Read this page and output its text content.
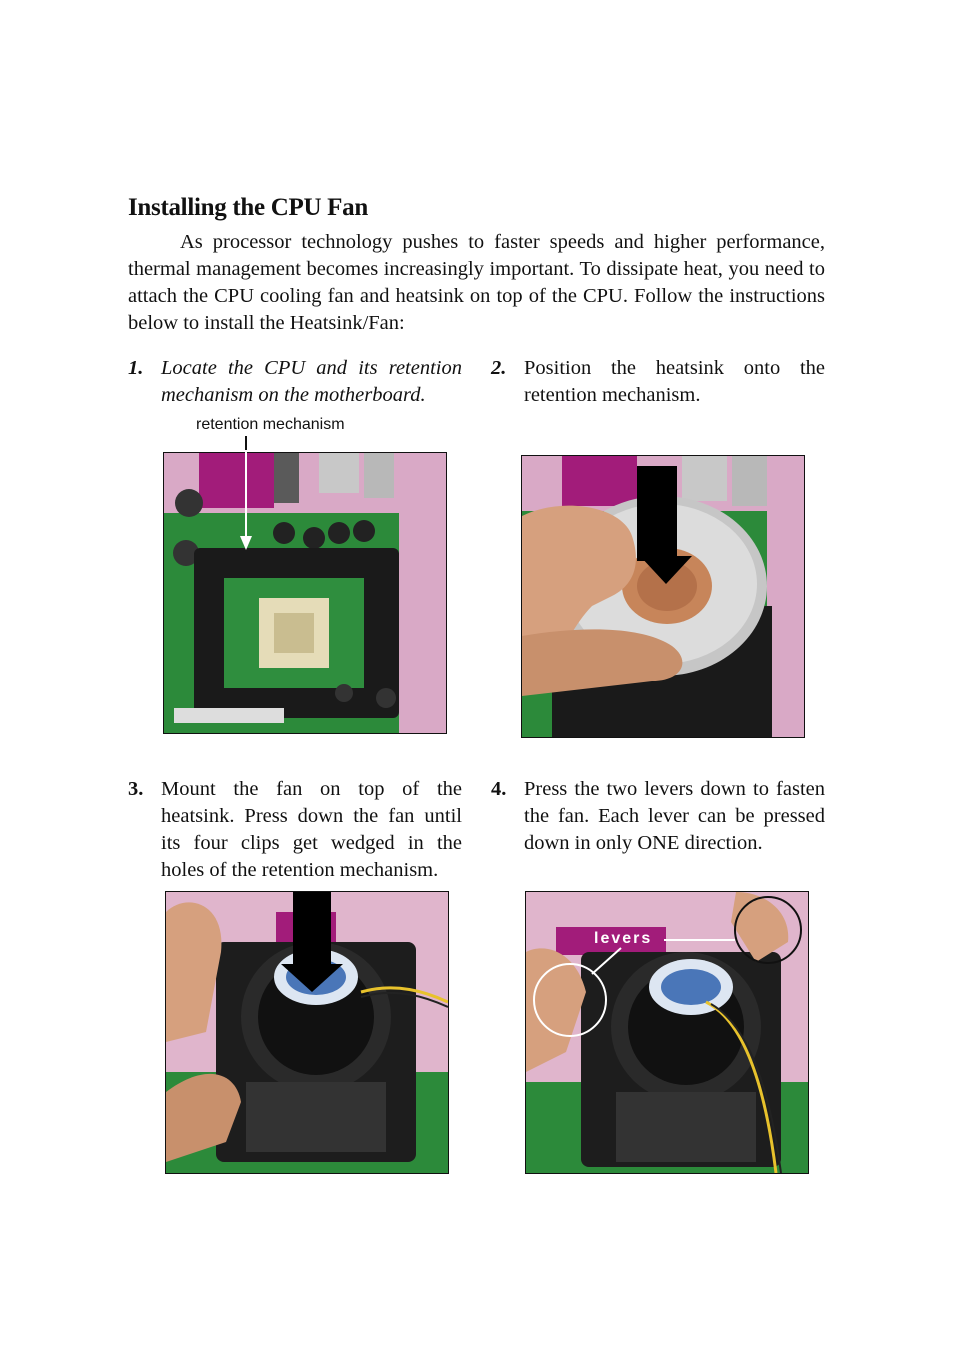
Installing the CPU Fan
As processor technology pushes to faster speeds and higher performance, thermal management becomes increasingly important. To dissipate heat, you need to attach the CPU cooling fan and heatsink on top of the CPU. Follow the instructions below to install the Heatsink/Fan:
1. Locate the CPU and its retention mechanism on the motherboard.
2. Position the heatsink onto the retention mechanism.
retention mechanism
3. Mount the fan on top of the heatsink. Press down the fan until its four clips get wedged in the holes of the retention mechanism.
4. Press the two levers down to fasten the fan. Each lever can be pressed down in only ONE direction.
levers
